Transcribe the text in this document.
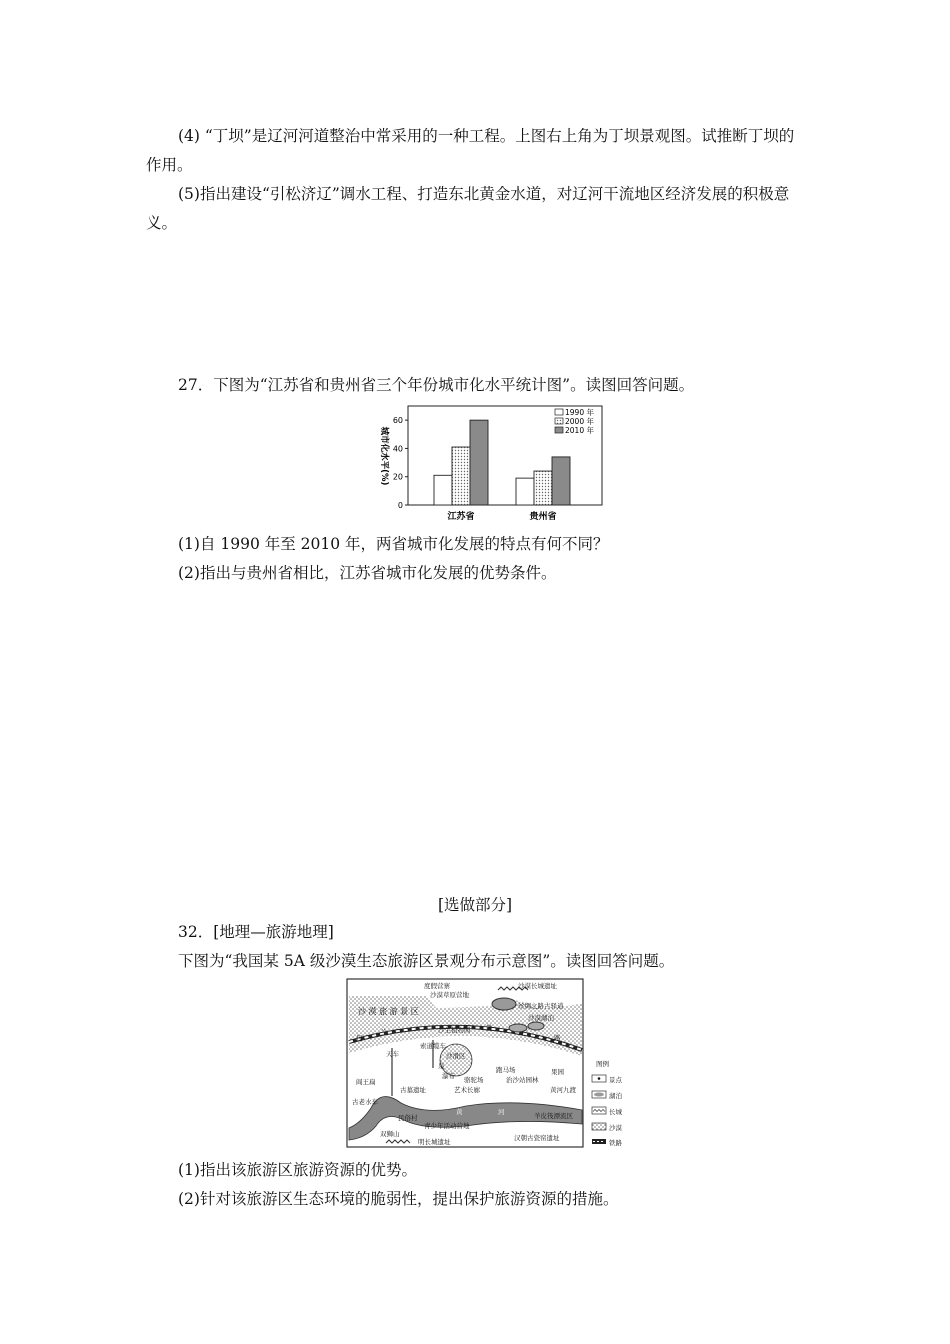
(4) “丁坝”是辽河河道整治中常采用的一种工程。上图右上角为丁坝景观图。试推断丁坝的作用。

(5)指出建设“引松济辽”调水工程、打造东北黄金水道，对辽河干流地区经济发展的积极意义。

27．下图为“江苏省和贵州省三个年份城市化水平统计图”。读图回答问题。

0
20
40
60
城市化水平(%)
江苏省	贵州省
1990 年
2000 年
2010 年

(1)自 1990 年至 2010 年，两省城市化发展的特点有何不同？

(2)指出与贵州省相比，江苏省城市化发展的优势条件。

[选做部分]

32．[地理—旅游地理]

下图为“我国某 5A 级沙漠生态旅游区景观分布示意图”。读图回答问题。

度假营寨
沙漠草原营地
沙漠长城遗址
丝绸之路古驿道
沙漠湖泊
沙 漠 旅 游 景 区
沙生植物园
包
兰	铁
路
天车
索道缆车
沙滑区
泉
瀑布
跑马场
骆驼场
果园
阎王扁
古墓遗址	艺术长廊
治沙站园林
黄河九渡
古老水车
民俗村
黄	河	羊皮筏漂流区
双狮山
青少年活动营地
明长城遗址	汉朝古瓷窑遗址
图例
景点
湖泊
长城
沙漠
铁路

(1)指出该旅游区旅游资源的优势。

(2)针对该旅游区生态环境的脆弱性，提出保护旅游资源的措施。
